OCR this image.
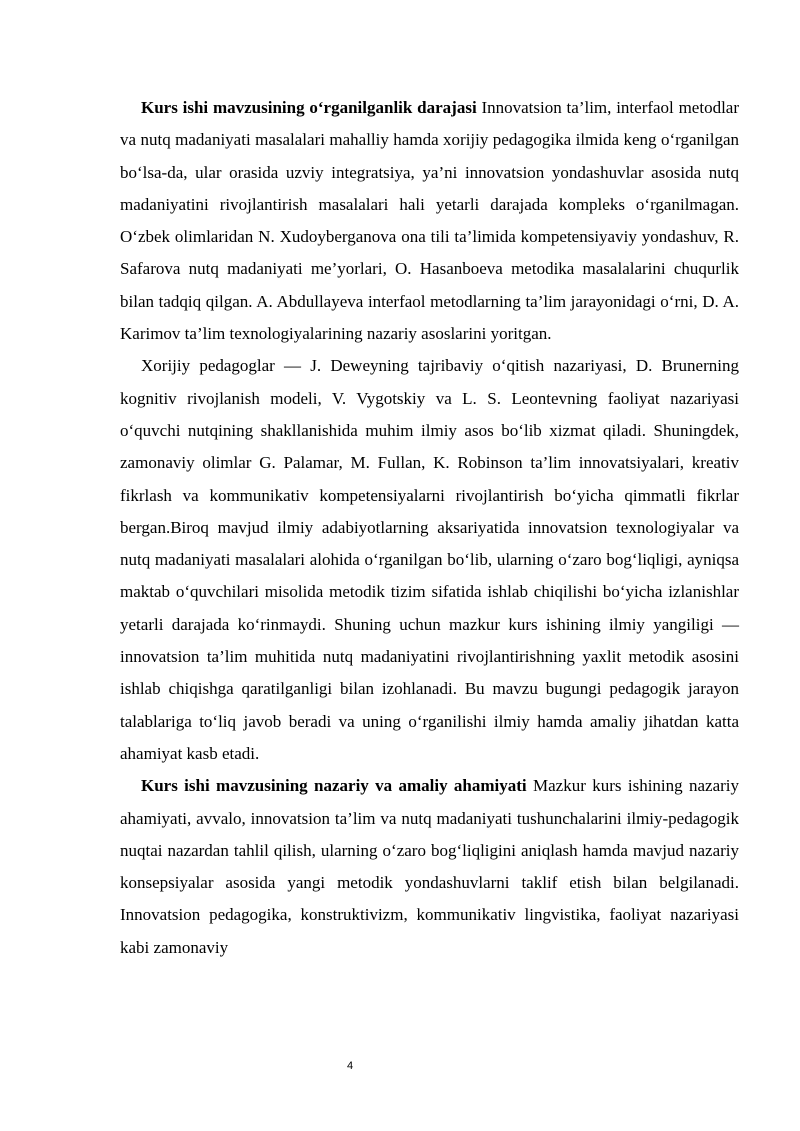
Kurs ishi mavzusining o‘rganilganlik darajasi Innovatsion ta’lim, interfaol metodlar va nutq madaniyati masalalari mahalliy hamda xorijiy pedagogika ilmida keng o‘rganilgan bo‘lsa-da, ular orasida uzviy integratsiya, ya’ni innovatsion yondashuvlar asosida nutq madaniyatini rivojlantirish masalalari hali yetarli darajada kompleks o‘rganilmagan. O‘zbek olimlaridan N. Xudoyberganova ona tili ta’limida kompetensiyaviy yondashuv, R. Safarova nutq madaniyati me’yorlari, O. Hasanboeva metodika masalalarini chuqurlik bilan tadqiq qilgan. A. Abdullayeva interfaol metodlarning ta’lim jarayonidagi o‘rni, D. A. Karimov ta’lim texnologiyalarining nazariy asoslarini yoritgan.

Xorijiy pedagoglar — J. Deweyning tajribaviy o‘qitish nazariyasi, D. Brunerning kognitiv rivojlanish modeli, V. Vygotskiy va L. S. Leontevning faoliyat nazariyasi o‘quvchi nutqining shakllanishida muhim ilmiy asos bo‘lib xizmat qiladi. Shuningdek, zamonaviy olimlar G. Palamar, M. Fullan, K. Robinson ta’lim innovatsiyalari, kreativ fikrlash va kommunikativ kompetensiyalarni rivojlantirish bo‘yicha qimmatli fikrlar bergan.Biroq mavjud ilmiy adabiyotlarning aksariyatida innovatsion texnologiyalar va nutq madaniyati masalalari alohida o‘rganilgan bo‘lib, ularning o‘zaro bog‘liqligi, ayniqsa maktab o‘quvchilari misolida metodik tizim sifatida ishlab chiqilishi bo‘yicha izlanishlar yetarli darajada ko‘rinmaydi. Shuning uchun mazkur kurs ishining ilmiy yangiligi — innovatsion ta’lim muhitida nutq madaniyatini rivojlantirishning yaxlit metodik asosini ishlab chiqishga qaratilganligi bilan izohlanadi. Bu mavzu bugungi pedagogik jarayon talablariga to‘liq javob beradi va uning o‘rganilishi ilmiy hamda amaliy jihatdan katta ahamiyat kasb etadi.

Kurs ishi mavzusining nazariy va amaliy ahamiyati Mazkur kurs ishining nazariy ahamiyati, avvalo, innovatsion ta’lim va nutq madaniyati tushunchalarini ilmiy-pedagogik nuqtai nazardan tahlil qilish, ularning o‘zaro bog‘liqligini aniqlash hamda mavjud nazariy konsepsiyalar asosida yangi metodik yondashuvlarni taklif etish bilan belgilanadi. Innovatsion pedagogika, konstruktivizm, kommunikativ lingvistika, faoliyat nazariyasi kabi zamonaviy

4
